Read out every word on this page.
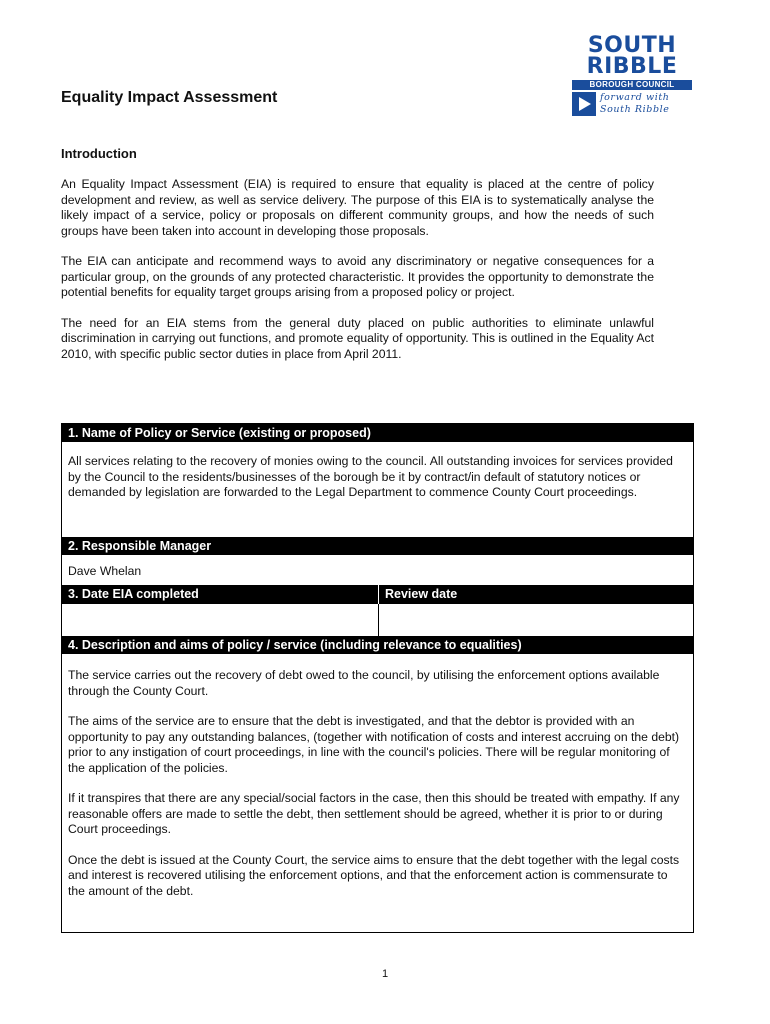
SOUTH
RIBBLE
BOROUGH COUNCIL
forward with
South Ribble
Equality Impact Assessment
Introduction

An Equality Impact Assessment (EIA) is required to ensure that equality is placed at the centre of policy development and review, as well as service delivery. The purpose of this EIA is to systematically analyse the likely impact of a service, policy or proposals on different community groups, and how the needs of such groups have been taken into account in developing those proposals.

The EIA can anticipate and recommend ways to avoid any discriminatory or negative consequences for a particular group, on the grounds of any protected characteristic. It provides the opportunity to demonstrate the potential benefits for equality target groups arising from a proposed policy or project.

The need for an EIA stems from the general duty placed on public authorities to eliminate unlawful discrimination in carrying out functions, and promote equality of opportunity. This is outlined in the Equality Act 2010, with specific public sector duties in place from April 2011.

1. Name of Policy or Service (existing or proposed)
All services relating to the recovery of monies owing to the council. All outstanding invoices for services provided by the Council to the residents/businesses of the borough be it by contract/in default of statutory notices or demanded by legislation are forwarded to the Legal Department to commence County Court proceedings.
2. Responsible Manager
Dave Whelan
3. Date EIA completed	Review date
4. Description and aims of policy / service (including relevance to equalities)

The service carries out the recovery of debt owed to the council, by utilising the enforcement options available through the County Court.

The aims of the service are to ensure that the debt is investigated, and that the debtor is provided with an opportunity to pay any outstanding balances, (together with notification of costs and interest accruing on the debt) prior to any instigation of court proceedings, in line with the council's policies. There will be regular monitoring of the application of the policies.

If it transpires that there are any special/social factors in the case, then this should be treated with empathy. If any reasonable offers are made to settle the debt, then settlement should be agreed, whether it is prior to or during Court proceedings.

Once the debt is issued at the County Court, the service aims to ensure that the debt together with the legal costs and interest is recovered utilising the enforcement options, and that the enforcement action is commensurate to the amount of the debt.

1
